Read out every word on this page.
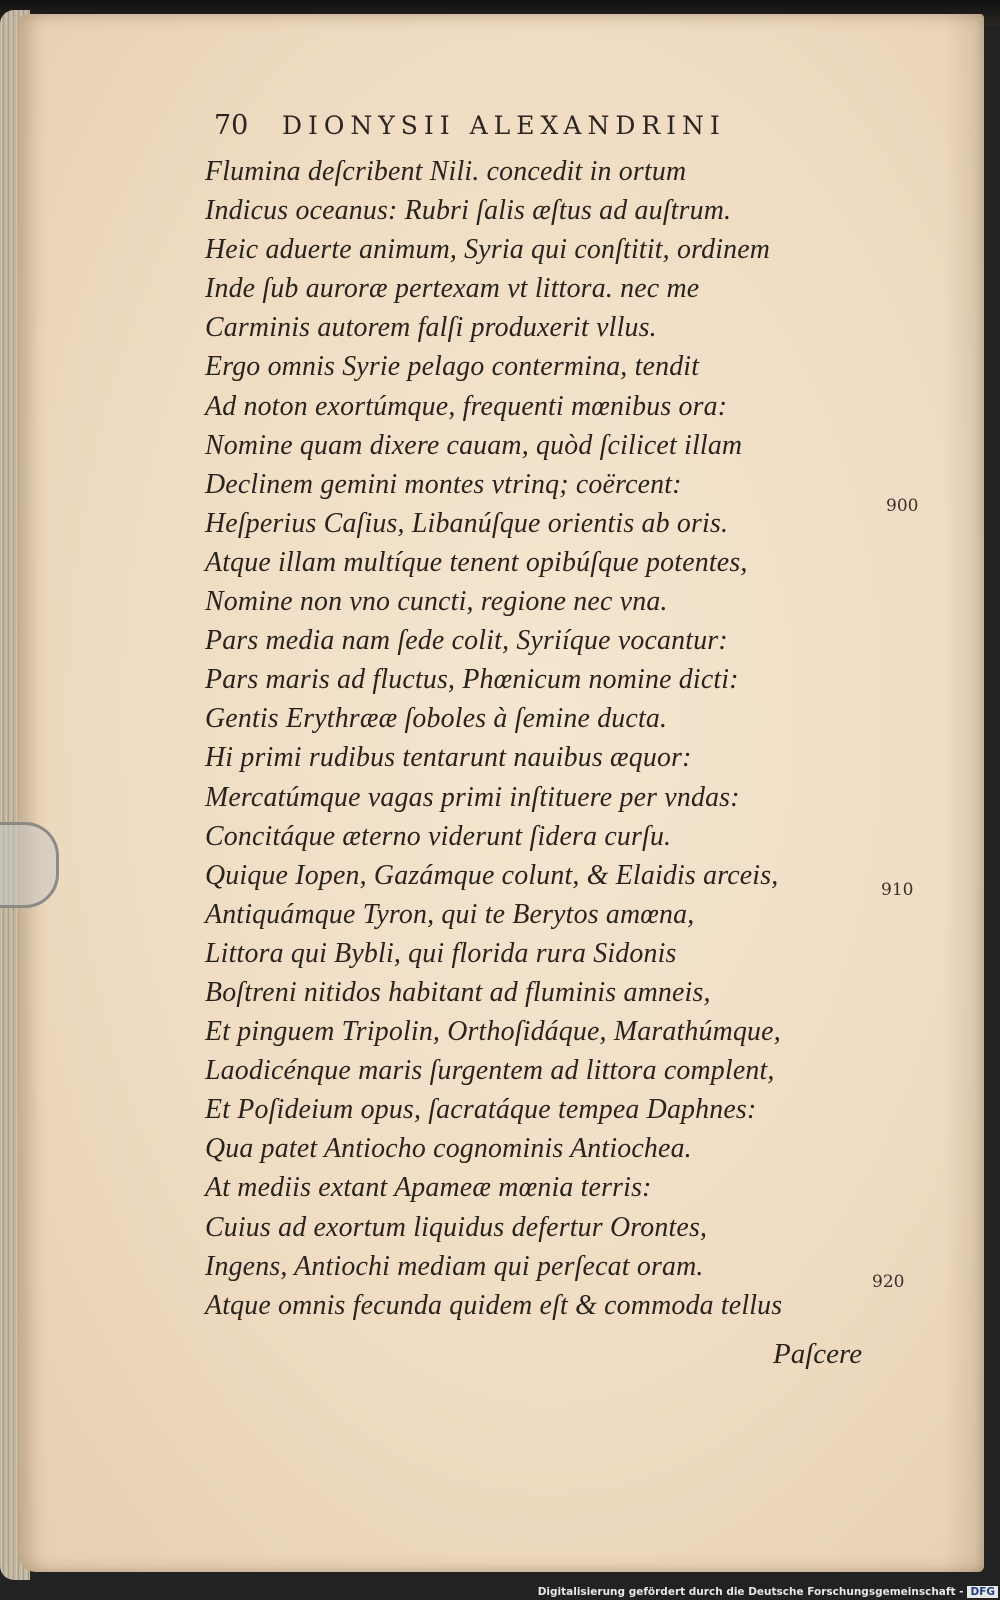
70 DIONYSII ALEXANDRINI
Flumina deſcribent Nili. concedit in ortum
Indicus oceanus: Rubri ſalis æſtus ad auſtrum.
Heic aduerte animum, Syria qui conſtitit, ordinem
Inde ſub auroræ pertexam vt littora. nec me
Carminis autorem falſi produxerit vllus.
Ergo omnis Syrie pelago contermina, tendit
Ad noton exortúmque, frequenti mœnibus ora:
Nomine quam dixere cauam, quòd ſcilicet illam
Declinem gemini montes vtrinq; coërcent:
Heſperius Caſius, Libanúſque orientis ab oris.
Atque illam multíque tenent opibúſque potentes,
Nomine non vno cuncti, regione nec vna.
Pars media nam ſede colit, Syriíque vocantur:
Pars maris ad fluctus, Phœnicum nomine dicti:
Gentis Erythrææ ſoboles à ſemine ducta.
Hi primi rudibus tentarunt nauibus æquor:
Mercatúmque vagas primi inſtituere per vndas:
Concitáque æterno viderunt ſidera curſu.
Quique Iopen, Gazámque colunt, & Elaidis arceis,
Antiquámque Tyron, qui te Berytos amœna,
Littora qui Bybli, qui florida rura Sidonis
Boſtreni nitidos habitant ad fluminis amneis,
Et pinguem Tripolin, Orthoſidáque, Marathúmque,
Laodicénque maris ſurgentem ad littora complent,
Et Poſideium opus, ſacratáque tempea Daphnes:
Qua patet Antiocho cognominis Antiochea.
At mediis extant Apameæ mœnia terris:
Cuius ad exortum liquidus defertur Orontes,
Ingens, Antiochi mediam qui perſecat oram.
Atque omnis fecunda quidem eſt & commoda tellus
Paſcere
900
910
920
Digitalisierung gefördert durch die Deutsche Forschungsgemeinschaft - DFG
